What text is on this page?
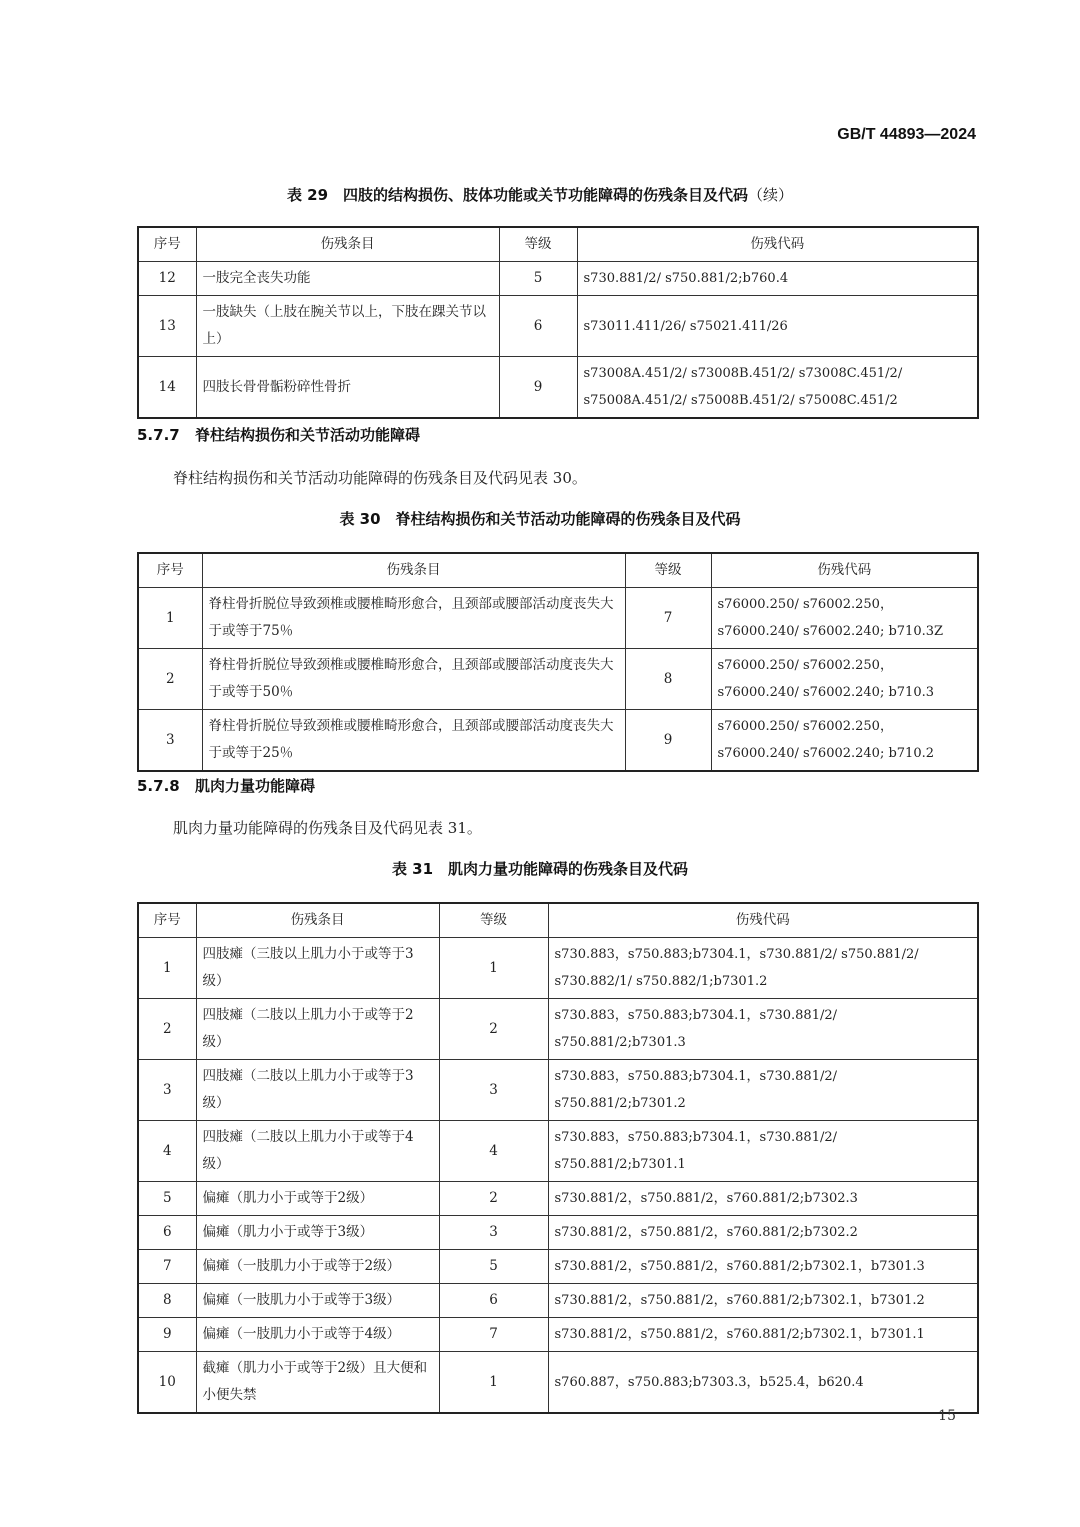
GB/T 44893—2024
表 29　四肢的结构损伤、肢体功能或关节功能障碍的伤残条目及代码（续）
序号	伤残条目	等级	伤残代码
12	一肢完全丧失功能	5	s730.881/2/ s750.881/2;b760.4
13	一肢缺失（上肢在腕关节以上，下肢在踝关节以上）	6	s73011.411/26/ s75021.411/26
14	四肢长骨骨骺粉碎性骨折	9	s73008A.451/2/ s73008B.451/2/ s73008C.451/2/ s75008A.451/2/ s75008B.451/2/ s75008C.451/2
5.7.7 脊柱结构损伤和关节活动功能障碍
脊柱结构损伤和关节活动功能障碍的伤残条目及代码见表 30。
表 30　脊柱结构损伤和关节活动功能障碍的伤残条目及代码
序号	伤残条目	等级	伤残代码
1	脊柱骨折脱位导致颈椎或腰椎畸形愈合，且颈部或腰部活动度丧失大于或等于75％	7	s76000.250/ s76002.250，s76000.240/ s76002.240; b710.3Z
2	脊柱骨折脱位导致颈椎或腰椎畸形愈合，且颈部或腰部活动度丧失大于或等于50％	8	s76000.250/ s76002.250，s76000.240/ s76002.240; b710.3
3	脊柱骨折脱位导致颈椎或腰椎畸形愈合，且颈部或腰部活动度丧失大于或等于25％	9	s76000.250/ s76002.250，s76000.240/ s76002.240; b710.2
5.7.8 肌肉力量功能障碍
肌肉力量功能障碍的伤残条目及代码见表 31。
表 31　肌肉力量功能障碍的伤残条目及代码
序号	伤残条目	等级	伤残代码
1	四肢瘫（三肢以上肌力小于或等于3级）	1	s730.883，s750.883;b7304.1，s730.881/2/ s750.881/2/ s730.882/1/ s750.882/1;b7301.2
2	四肢瘫（二肢以上肌力小于或等于2级）	2	s730.883，s750.883;b7304.1，s730.881/2/ s750.881/2;b7301.3
3	四肢瘫（二肢以上肌力小于或等于3级）	3	s730.883，s750.883;b7304.1，s730.881/2/ s750.881/2;b7301.2
4	四肢瘫（二肢以上肌力小于或等于4级）	4	s730.883，s750.883;b7304.1，s730.881/2/ s750.881/2;b7301.1
5	偏瘫（肌力小于或等于2级）	2	s730.881/2，s750.881/2，s760.881/2;b7302.3
6	偏瘫（肌力小于或等于3级）	3	s730.881/2，s750.881/2，s760.881/2;b7302.2
7	偏瘫（一肢肌力小于或等于2级）	5	s730.881/2，s750.881/2，s760.881/2;b7302.1，b7301.3
8	偏瘫（一肢肌力小于或等于3级）	6	s730.881/2，s750.881/2，s760.881/2;b7302.1，b7301.2
9	偏瘫（一肢肌力小于或等于4级）	7	s730.881/2，s750.881/2，s760.881/2;b7302.1，b7301.1
10	截瘫（肌力小于或等于2级）且大便和小便失禁	1	s760.887，s750.883;b7303.3，b525.4，b620.4
15
